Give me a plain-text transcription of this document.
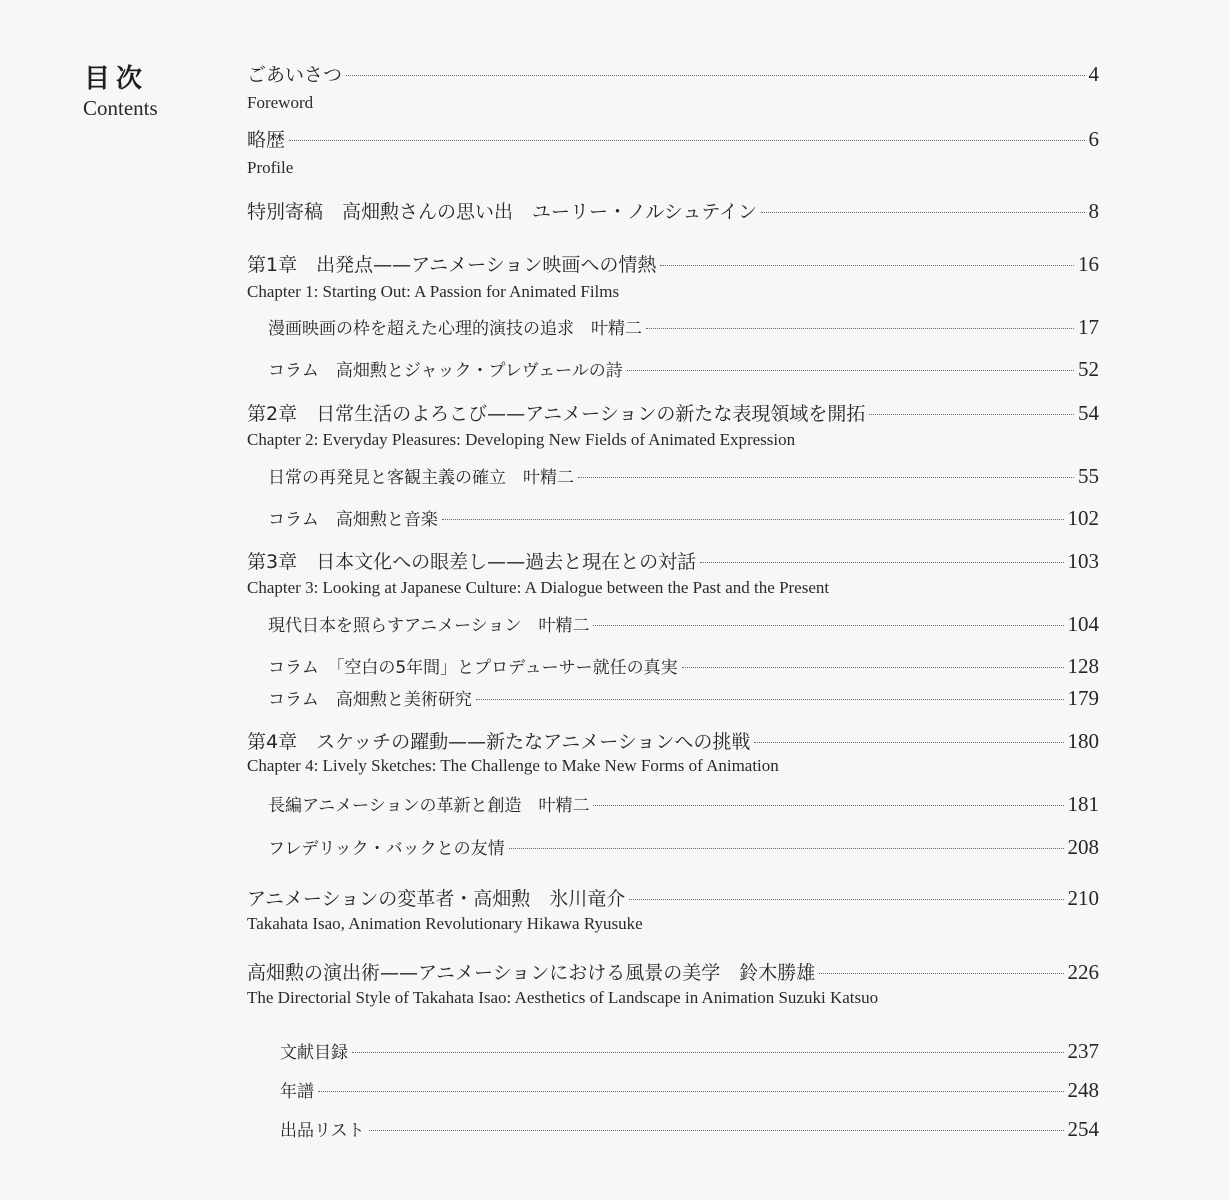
目次
Contents
ごあいさつ	4
Foreword
略歴	6
Profile
特別寄稿　高畑勲さんの思い出　ユーリー・ノルシュテイン	8
第1章　出発点——アニメーション映画への情熱	16
Chapter 1: Starting Out: A Passion for Animated Films
漫画映画の枠を超えた心理的演技の追求　叶精二	17
コラム　高畑勲とジャック・プレヴェールの詩	52
第2章　日常生活のよろこび——アニメーションの新たな表現領域を開拓	54
Chapter 2: Everyday Pleasures: Developing New Fields of Animated Expression
日常の再発見と客観主義の確立　叶精二	55
コラム　高畑勲と音楽	102
第3章　日本文化への眼差し——過去と現在との対話	103
Chapter 3: Looking at Japanese Culture: A Dialogue between the Past and the Present
現代日本を照らすアニメーション　叶精二	104
コラム　「空白の5年間」とプロデューサー就任の真実	128
コラム　高畑勲と美術研究	179
第4章　スケッチの躍動——新たなアニメーションへの挑戦	180
Chapter 4: Lively Sketches: The Challenge to Make New Forms of Animation
長編アニメーションの革新と創造　叶精二	181
フレデリック・バックとの友情	208
アニメーションの変革者・高畑勲　氷川竜介	210
Takahata Isao, Animation Revolutionary Hikawa Ryusuke
高畑勲の演出術——アニメーションにおける風景の美学　鈴木勝雄	226
The Directorial Style of Takahata Isao: Aesthetics of Landscape in Animation Suzuki Katsuo
文献目録	237
年譜	248
出品リスト	254
